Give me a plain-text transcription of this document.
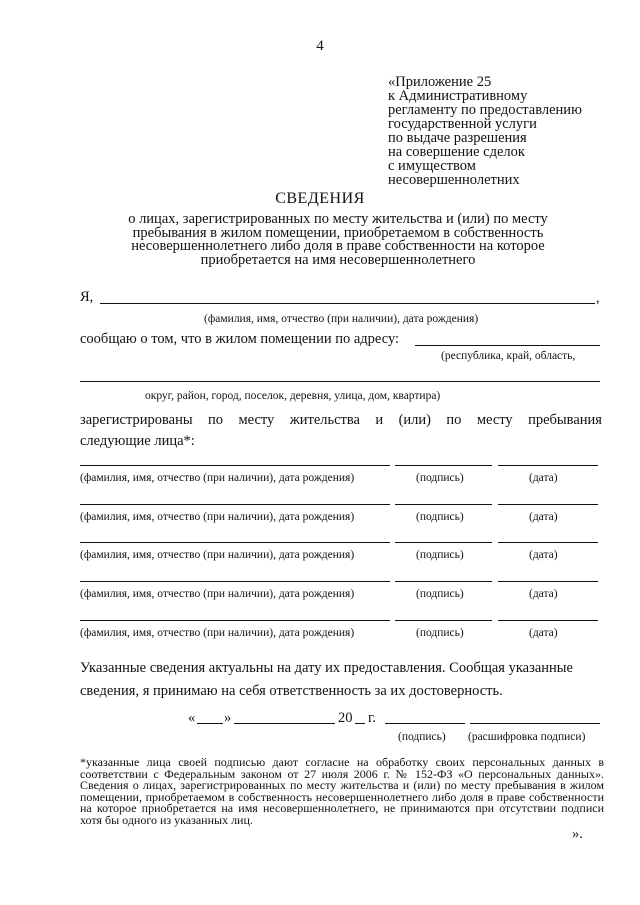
4
«Приложение 25
к Административному
регламенту по предоставлению
государственной услуги
по выдаче разрешения
на совершение сделок
с имуществом
несовершеннолетних
СВЕДЕНИЯ
о лицах, зарегистрированных по месту жительства и (или) по месту
пребывания в жилом помещении, приобретаемом в собственность
несовершеннолетнего либо доля в праве собственности на которое
приобретается на имя несовершеннолетнего
Я,	,
(фамилия, имя, отчество (при наличии), дата рождения)
сообщаю о том, что в жилом помещении по адресу:
(республика, край, область,
округ, район, город, поселок, деревня, улица, дом, квартира)
зарегистрированы по месту жительства и (или) по месту пребывания
следующие лица*:
(фамилия, имя, отчество (при наличии), дата рождения)	(подпись)	(дата)
(фамилия, имя, отчество (при наличии), дата рождения)	(подпись)	(дата)
(фамилия, имя, отчество (при наличии), дата рождения)	(подпись)	(дата)
(фамилия, имя, отчество (при наличии), дата рождения)	(подпись)	(дата)
(фамилия, имя, отчество (при наличии), дата рождения)	(подпись)	(дата)
Указанные сведения актуальны на дату их предоставления. Сообщая указанные сведения, я принимаю на себя ответственность за их достоверность.
« »	20 г.
(подпись) (расшифровка подписи)
*указанные лица своей подписью дают согласие на обработку своих персональных данных в соответствии с Федеральным законом от 27 июля 2006 г. № 152-ФЗ «О персональных данных». Сведения о лицах, зарегистрированных по месту жительства и (или) по месту пребывания в жилом помещении, приобретаемом в собственность несовершеннолетнего либо доля в праве собственности на которое приобретается на имя несовершеннолетнего, не принимаются при отсутствии подписи хотя бы одного из указанных лиц.
».
